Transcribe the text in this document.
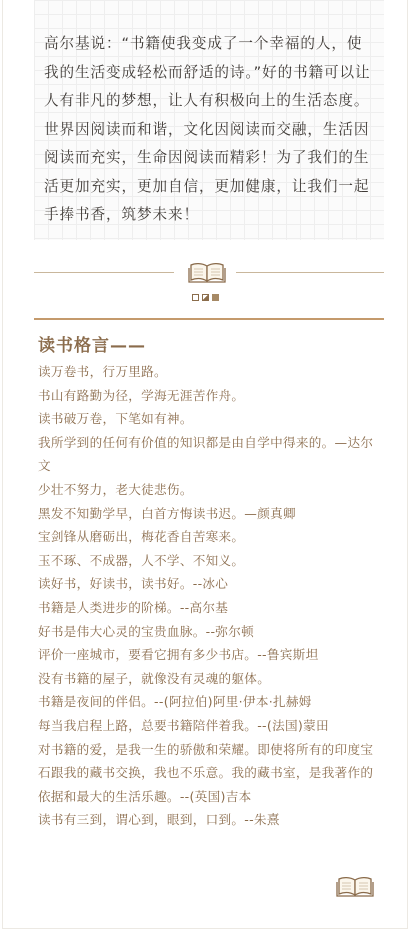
高尔基说：“书籍使我变成了一个幸福的人，使我的生活变成轻松而舒适的诗。”好的书籍可以让人有非凡的梦想，让人有积极向上的生活态度。世界因阅读而和谐，文化因阅读而交融，生活因阅读而充实，生命因阅读而精彩！为了我们的生活更加充实，更加自信，更加健康，让我们一起手捧书香，筑梦未来！

读书格言——
读万卷书，行万里路。
书山有路勤为径，学海无涯苦作舟。
读书破万卷，下笔如有神。
我所学到的任何有价值的知识都是由自学中得来的。—达尔文
少壮不努力，老大徒悲伤。
黑发不知勤学早，白首方悔读书迟。—颜真卿
宝剑锋从磨砺出，梅花香自苦寒来。
玉不琢、不成器，人不学、不知义。
读好书，好读书，读书好。--冰心
书籍是人类进步的阶梯。--高尔基
好书是伟大心灵的宝贵血脉。--弥尔顿
评价一座城市，要看它拥有多少书店。--鲁宾斯坦
没有书籍的屋子，就像没有灵魂的躯体。
书籍是夜间的伴侣。--(阿拉伯)阿里·伊本·扎赫姆
每当我启程上路，总要书籍陪伴着我。--(法国)蒙田
对书籍的爱，是我一生的骄傲和荣耀。即使将所有的印度宝石跟我的藏书交换，我也不乐意。我的藏书室，是我著作的依据和最大的生活乐趣。--(英国)吉本
读书有三到，谓心到，眼到，口到。--朱熹
